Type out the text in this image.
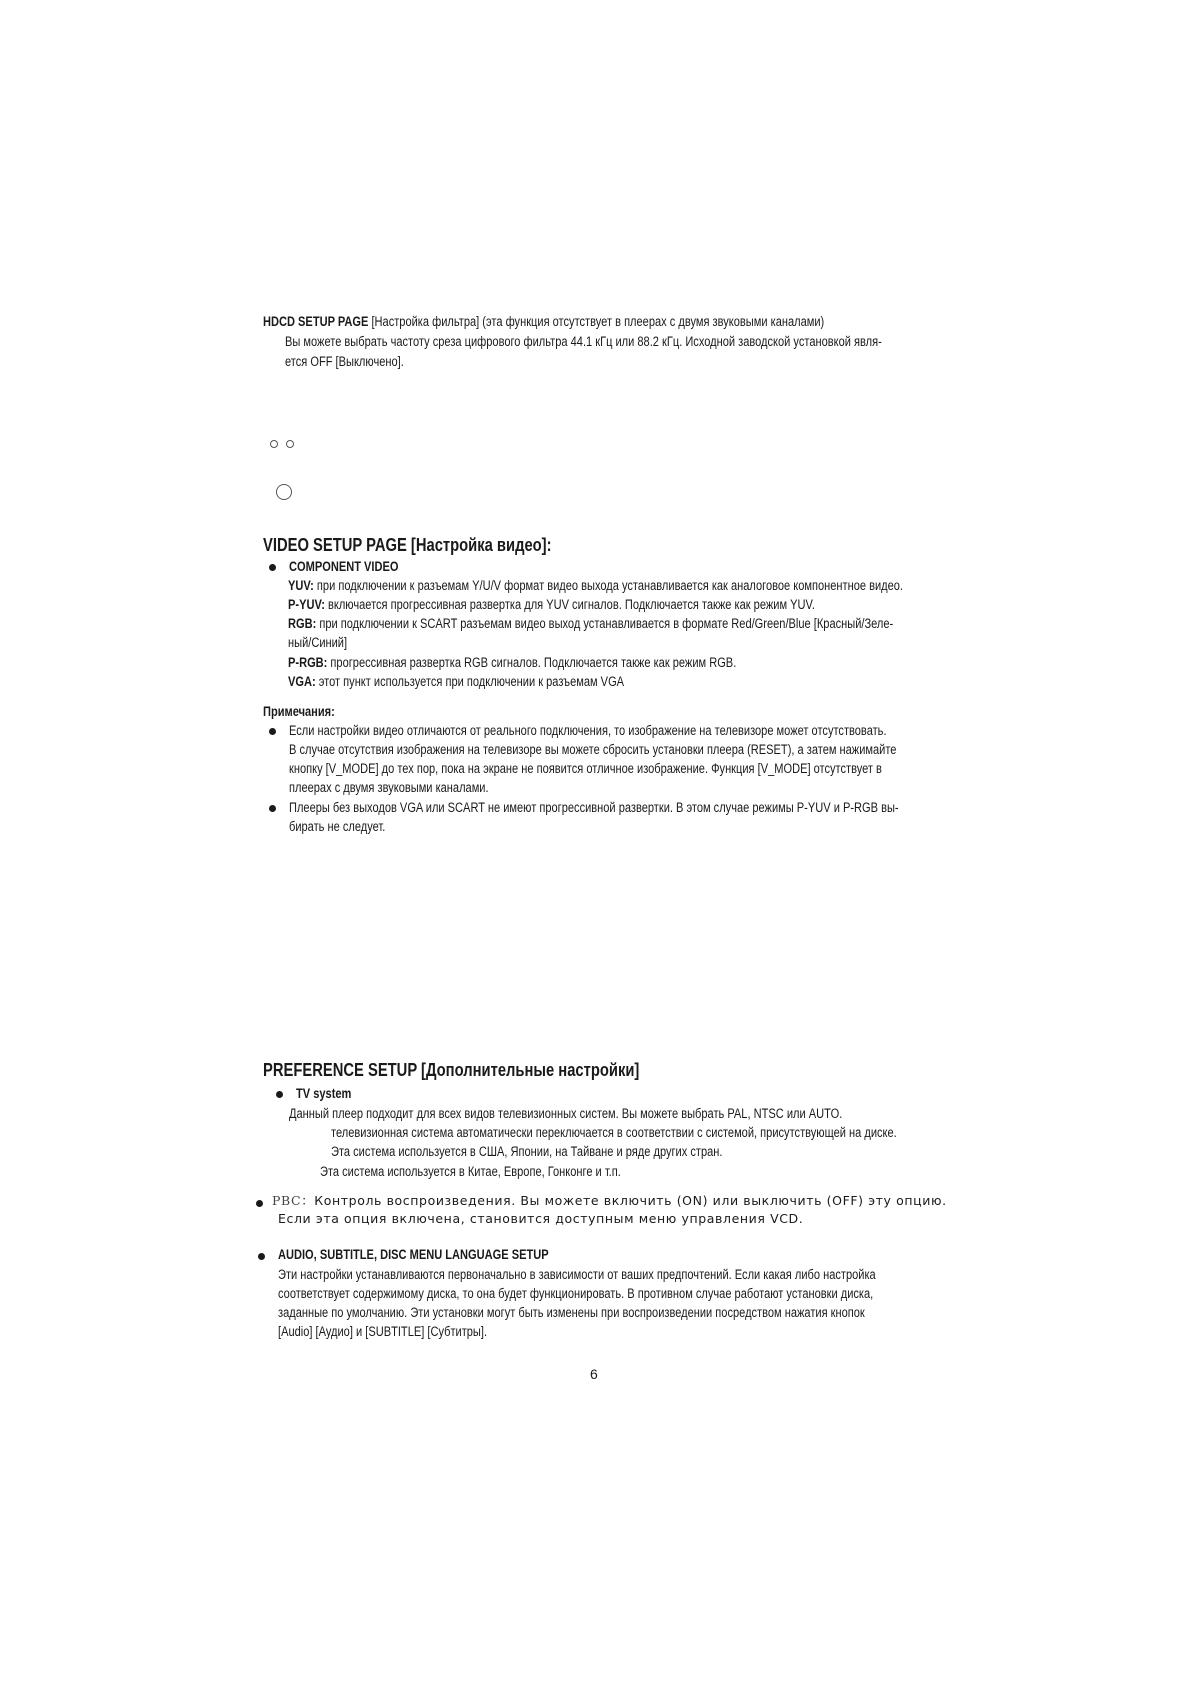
HDCD SETUP PAGE [Настройка фильтра] (эта функция отсутствует в плеерах с двумя звуковыми каналами)
Вы можете выбрать частоту среза цифрового фильтра 44.1 кГц или 88.2 кГц. Исходной заводской установкой явля-
ется OFF [Выключено].
VIDEO SETUP PAGE [Настройка видео]:
COMPONENT VIDEO
YUV: при подключении к разъемам Y/U/V формат видео выхода устанавливается как аналоговое компонентное видео.
P-YUV: включается прогрессивная развертка для YUV сигналов. Подключается также как режим YUV.
RGB: при подключении к SCART разъемам видео выход устанавливается в формате Red/Green/Blue [Красный/Зеле-
ный/Синий]
P-RGB: прогрессивная развертка RGB сигналов. Подключается также как режим RGB.
VGA: этот пункт используется при подключении к разъемам VGA
Примечания:
Если настройки видео отличаются от реального подключения, то изображение на телевизоре может отсутствовать.
В случае отсутствия изображения на телевизоре вы можете сбросить установки плеера (RESET), а затем нажимайте
кнопку [V_MODE] до тех пор, пока на экране не появится отличное изображение. Функция [V_MODE] отсутствует в
плеерах с двумя звуковыми каналами.
Плееры без выходов VGA или SCART не имеют прогрессивной развертки. В этом случае режимы P-YUV и P-RGB вы-
бирать не следует.
PREFERENCE SETUP [Дополнительные настройки]
TV system
Данный плеер подходит для всех видов телевизионных систем. Вы можете выбрать PAL, NTSC или AUTO.
телевизионная система автоматически переключается в соответствии с системой, присутствующей на диске.
Эта система используется в США, Японии, на Тайване и ряде других стран.
Эта система используется в Китае, Европе, Гонконге и т.п.
PBC：Контроль воспроизведения. Вы можете включить (ON) или выключить (OFF) эту опцию.
Если эта опция включена, становится доступным меню управления VCD.
AUDIO, SUBTITLE, DISC MENU LANGUAGE SETUP
Эти настройки устанавливаются первоначально в зависимости от ваших предпочтений. Если какая либо настройка
соответствует содержимому диска, то она будет функционировать. В противном случае работают установки диска,
заданные по умолчанию. Эти установки могут быть изменены при воспроизведении посредством нажатия кнопок
[Audio] [Аудио] и [SUBTITLE] [Субтитры].
6
